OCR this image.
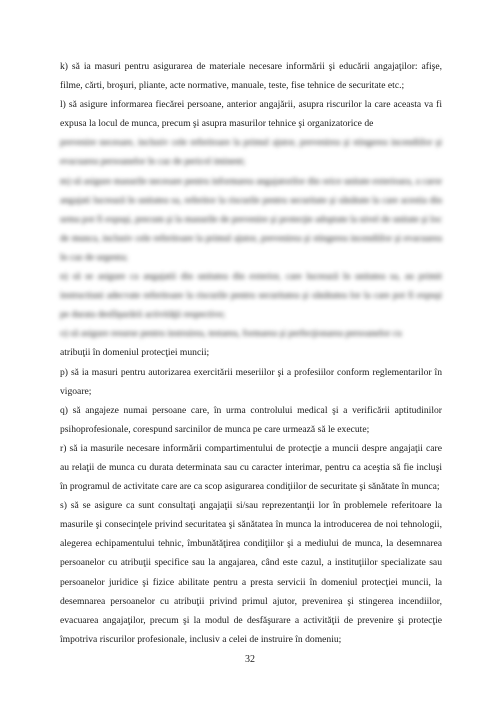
k) să ia masuri pentru asigurarea de materiale necesare informării şi educării angajaţilor: afişe, filme, cărti, broşuri, pliante, acte normative, manuale, teste, fise tehnice de securitate etc.;

l) să asigure informarea fiecărei persoane, anterior angajării, asupra riscurilor la care aceasta va fi expusa la locul de munca, precum şi asupra masurilor tehnice şi organizatorice de

prevenire necesare, inclusiv cele referitoare la primul ajutor, prevenirea şi stingerea incendiilor şi evacuarea persoanelor în caz de pericol iminent;

m) să asigure masurile necesare pentru informarea angajatorilor din orice unitate exterioara, a caror angajati lucrează în unitatea sa, referitor la riscurile pentru securitate şi sănătate la care acestia din urma pot fi expuşi, precum şi la masurile de prevenire şi protecţie adoptate la nivel de unitate şi loc de munca, inclusiv cele referitoare la primul ajutor, prevenirea şi stingerea incendiilor şi evacuarea în caz de urgenta;

n) să se asigure ca angajatii din unitatea din exterior, care lucrează în unitatea sa, au primit instructiuni adecvate referitoare la riscurile pentru securitatea şi sănătatea lor la care pot fi expuşi pe durata desfăşurării activităţii respective;

o) să asigure resurse pentru instruirea, testarea, formarea şi perfecţionarea persoanelor cu

atribuţii în domeniul protecţiei muncii;

p) să ia masuri pentru autorizarea exercitării meseriilor şi a profesiilor conform reglementarilor în vigoare;

q) să angajeze numai persoane care, în urma controlului medical şi a verificării aptitudinilor psihoprofesionale, corespund sarcinilor de munca pe care urmează să le execute;

r) să ia masurile necesare informării compartimentului de protecţie a muncii despre angajaţii care au relaţii de munca cu durata determinata sau cu caracter interimar, pentru ca aceştia să fie incluşi în programul de activitate care are ca scop asigurarea condiţiilor de securitate şi sănătate în munca;

s) să se asigure ca sunt consultaţi angajaţii si/sau reprezentanţii lor în problemele referitoare la masurile şi consecinţele privind securitatea şi sănătatea în munca la introducerea de noi tehnologii, alegerea echipamentului tehnic, îmbunătăţirea condiţiilor şi a mediului de munca, la desemnarea persoanelor cu atribuţii specifice sau la angajarea, când este cazul, a instituţiilor specializate sau persoanelor juridice şi fizice abilitate pentru a presta servicii în domeniul protecţiei muncii, la desemnarea persoanelor cu atribuţii privind primul ajutor, prevenirea şi stingerea incendiilor, evacuarea angajaţilor, precum şi la modul de desfăşurare a activităţii de prevenire şi protecţie împotriva riscurilor profesionale, inclusiv a celei de instruire în domeniu;

32
